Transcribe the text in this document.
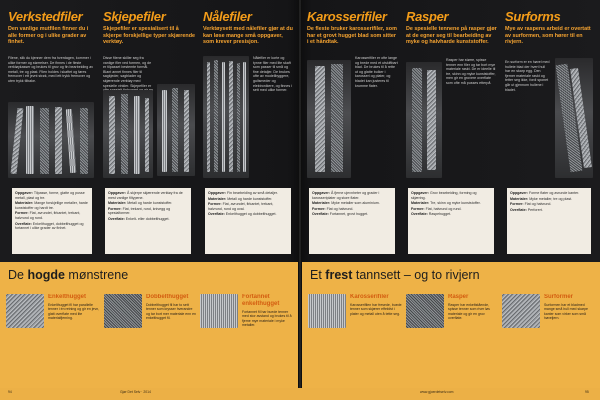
Verkstedfiler

Den vanlige mutfilen finner du i alle former og i ulike grader av finhet.

Filene, slik du kjenner dem fra hverdagen, kommer i ulike former og størrelser. De finnes i de fleste verktøykasser og brukes til grov og fin bearbeiding av metall, tre og plast. Filen holdes i skaftet og føres fremover i ett jevnt strøk, med lett trykk fremover og uten trykk tilbake.

Oppgaver: Tilpasse, forme, glatte og pusse metall, plast og tre.

Materialer: Mange forskjellige metaller, harde kunststoffer og hardt tre.

Former: Flat, avrundet, firkantet, trekant, halvrund og rund.

Overflate: Enkelthugget, dobbelthugget og fortannet i ulike grader av finhet.

Skjepefiler

Skjepefiler er spesialisert til å skjerpe forskjellige typer skjærende verktøy.

Disse filene skiller seg fra vanlige filer ved formen, og de er tilpasset bestemte formål. Blant annet finnes filer til sagkjeder, sagblader og skjærende verktøy med spesielle vinkler. Skjepefiler er

Oppgaver: Å skjerpe skjærende verktøy fra de mest vanlige filtypene.

Materialer: Metall og harde kunststoffer.

Former: Flat, trekant, rund, knivegg og spesialformer.

Overflate: Enkelt- eller dobbelthugget.

Nålefiler

Verktøysett med nålefiler gjør at du kan løse mange små oppgaver, som krever presisjon.

Nålefiler er korte og tynne filer med lite skaft som passer til små og fine detaljer. De brukes ofte av modellbyggere, gullsmeder og elektronikere, og finnes i sett med ulike former.

Oppgaver: Fin bearbeiding av små detaljer.

Materialer: Metall og harde kunststoffer.

Former: Flat, avrundet, firkantet, trekant, halvrund, rund og oval.

Overflate: Enkelthugget og dobbelthugget.

Karosserifiler

De fleste bruker karosserifiler, som har et grovt hugget blad som sitter i et håndtak.

Karosserifiler er ofte lange og brede med et utskiftbart blad. De brukes til å rette ut og glatte bulker i karosseri og plater, og bladet kan justeres til krumme flater.

Oppgaver: Å fjerne ujevnheter og grader i karosseriplater og store flater.

Materialer: Myke metaller som aluminium.

Former: Flat og halvrund.

Overflate: Fortannet, grovt hugget.

Rasper

De spesielle tennene på rasper gjør at de egner seg til bearbeiding av myke og halvharde kunststoffer.

Rasper har større, spisse tenner enn filer og tar bort mye materiale raskt. De er ideelle til tre, skinn og myke kunststoffer, men gir en grovere overflate som ofte må pusses etterpå.

Oppgaver: Grov bearbeiding, forming og skjæring.

Materialer: Tre, skinn og myke kunststoffer.

Former: Flat, halvrund og rund.

Overflate: Raspehugget.

Surforms

Mye av raspens arbeid er overtatt av surformen, som hører til en rivjern.

En surform er en høvel med hullete blad der hvert hull har en skarp egg. Den fjerner materiale raskt og tetter seg ikke, fordi sponet går ut gjennom hullene i bladet.

Oppgaver: Forme flater og avrunde kanter.

Materialer: Myke metaller, tre og plast.

Former: Flat og halvrund.

Overflate: Perforert.

De hogde mønstrene

Enkelthugget

Enkelthugget fil har parallelle tenner i én retning og gir en jevn, glatt overflate med lite materialfjerning.

Dobbelthugget

Dobbelthugget fil har to sett tenner som krysser hverandre og tar bort mer materiale enn en enkelthugget fil.

Fortannet enkelthugget

Fortannet fil har buede tenner med stor avstand og brukes til å fjerne mye materiale i myke metaller.

Et frest tannsett – og to rivjern

Karosserifiler

Karosserifilen har fresede, buede tenner som skjærer effektivt i plater og metall uten å tette seg.

Rasper

Rasper har enkeltstående, spisse tenner som river løs materiale og gir en grov overflate.

Surformer

Surformen har et bladmed mange små hull med skarpe kanter som virker som små høveljern.

94	Gjør Det Selv · 2014	www.gjoerdetselv.com	95
